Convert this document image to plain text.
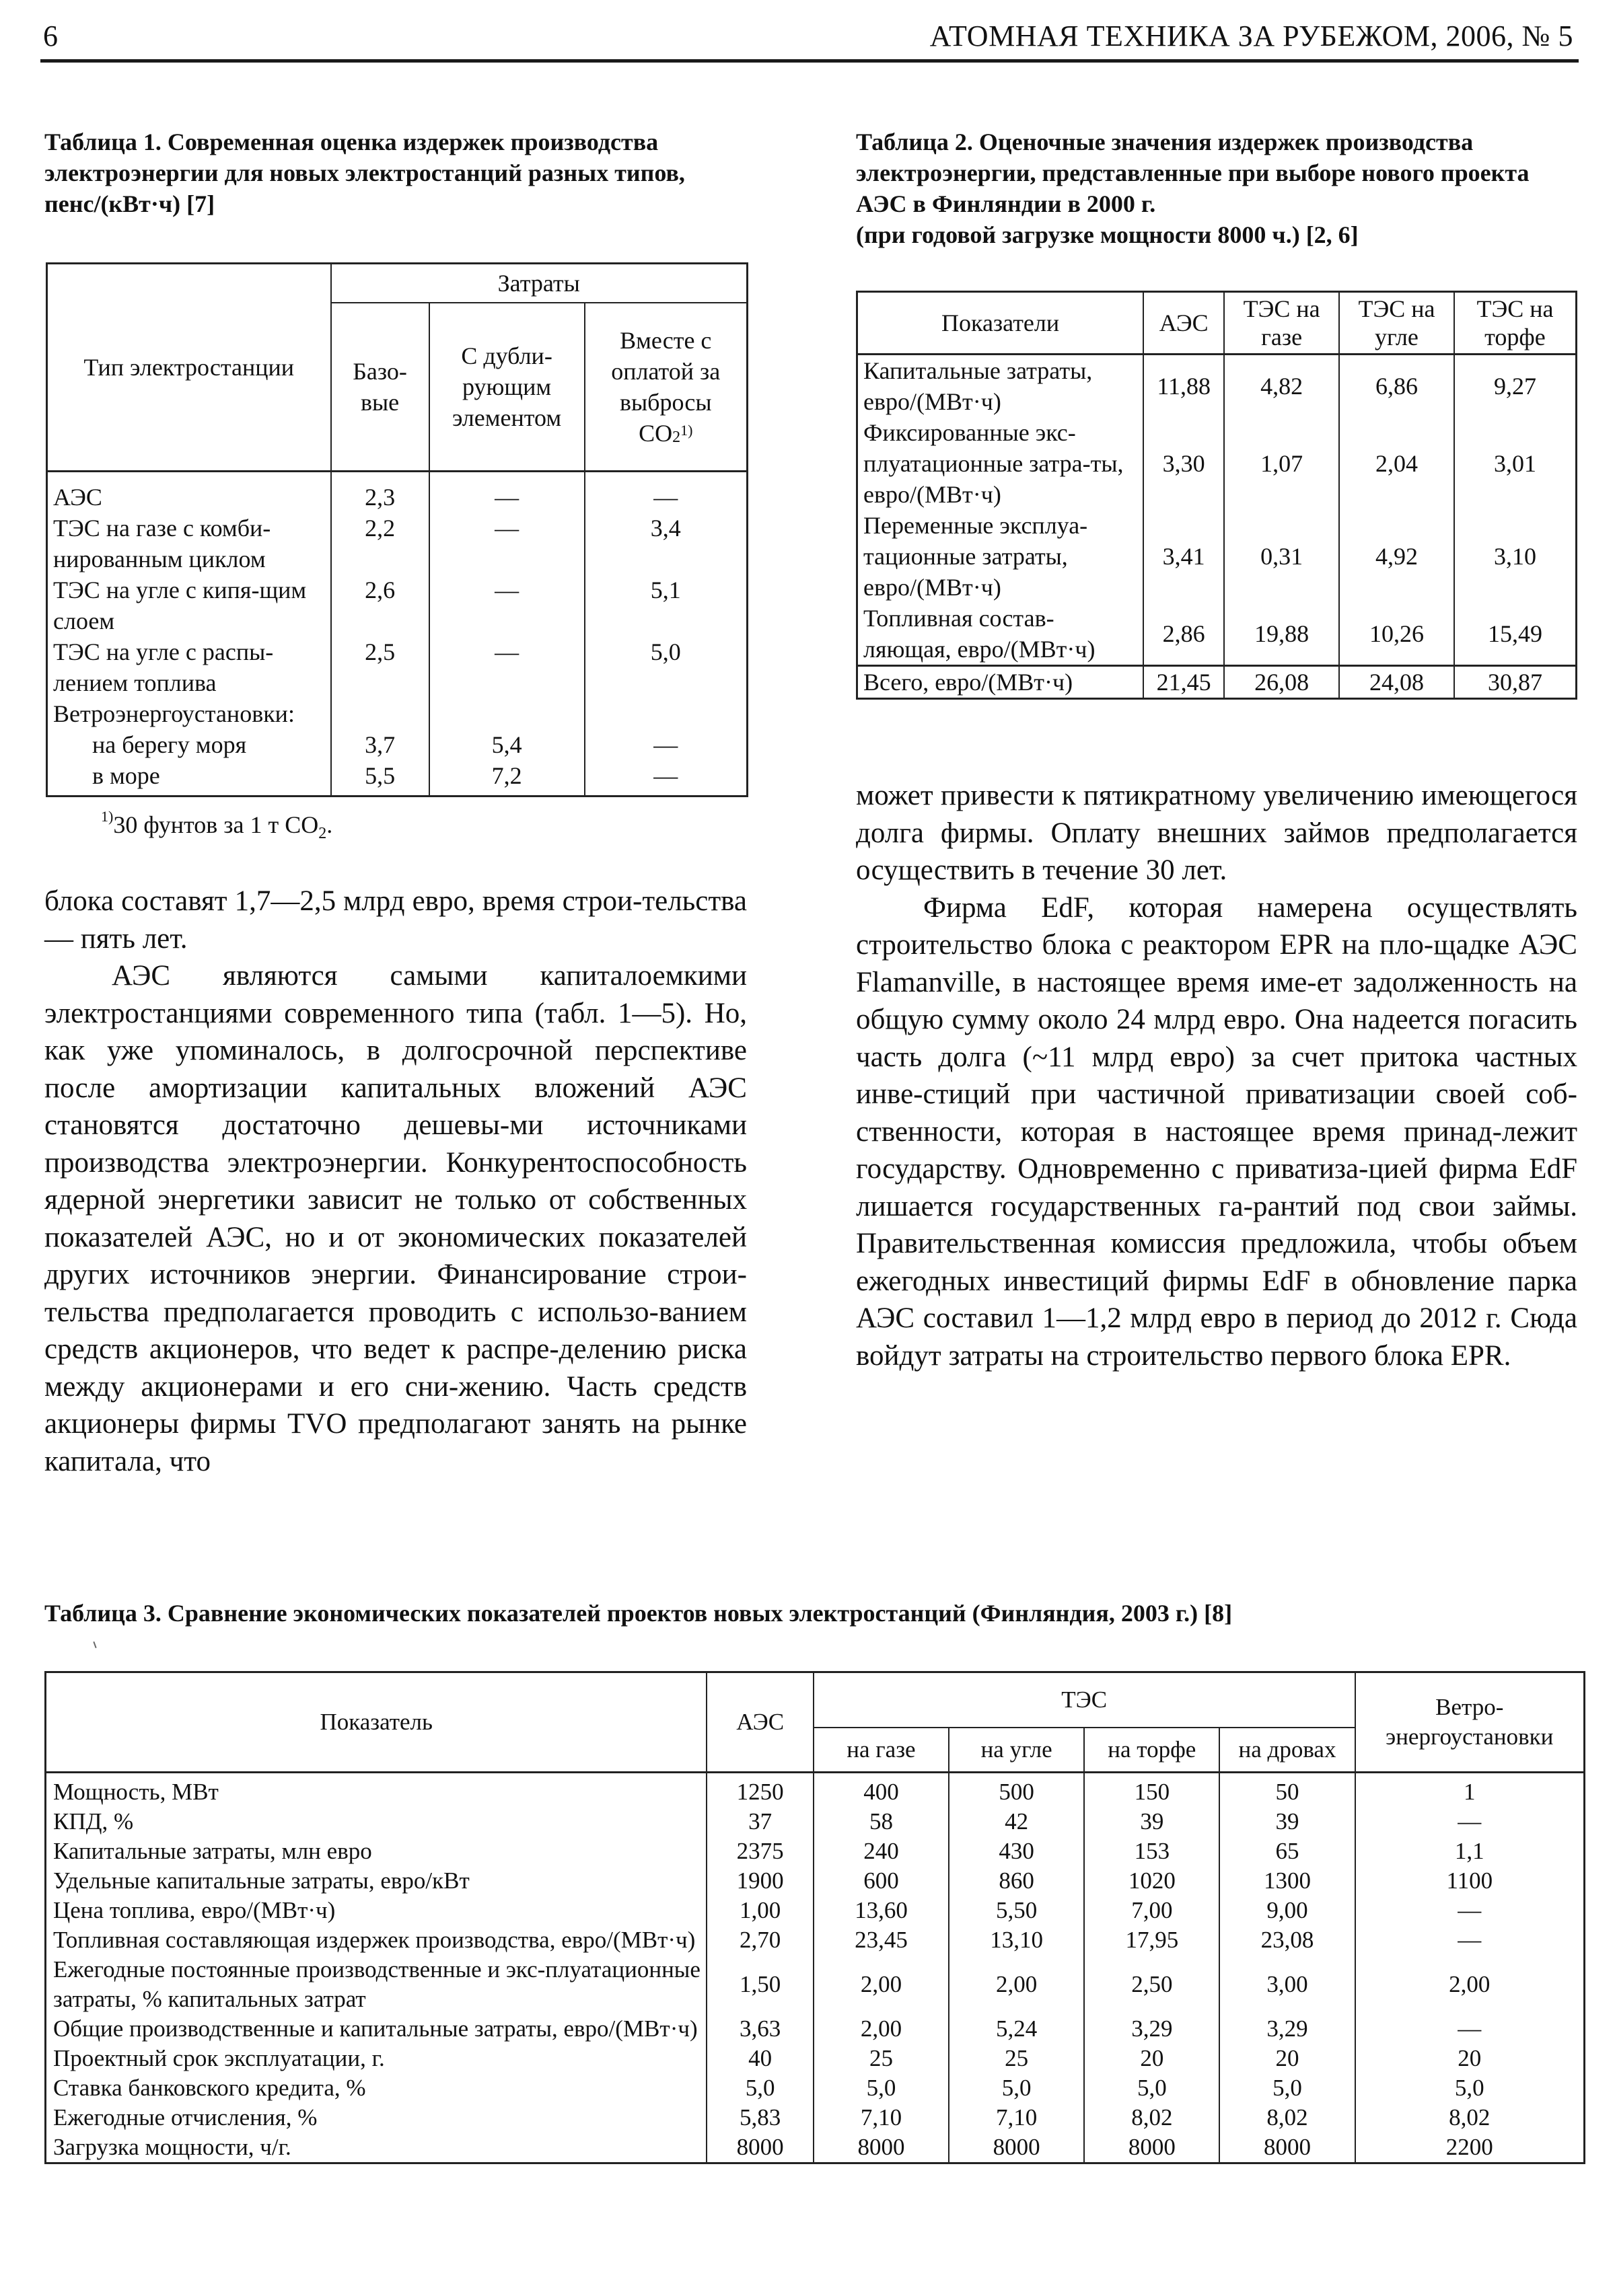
6	АТОМНАЯ ТЕХНИКА ЗА РУБЕЖОМ, 2006, № 5
Таблица 1. Современная оценка издержек производства электроэнергии для новых электростанций разных типов, пенс/(кВт·ч) [7]
Тип электростанции	Затраты		
	Базо-вые	С дубли-рующим элементом	Вместе с оплатой за выбросы $CO_2^{1)}$
АЭС	2,3	—	—
ТЭС на газе с комби-нированным циклом	2,2	—	3,4
ТЭС на угле с кипя-щим слоем	2,6	—	5,1
ТЭС на угле с распы-лением топлива	2,5	—	5,0
Ветроэнергоустановки:			
на берегу моря	3,7	5,4	—
в море	5,5	7,2	—
$^{1)}$30 фунтов за 1 т $CO_2$.
Таблица 2. Оценочные значения издержек производства электроэнергии, представленные при выборе нового проекта АЭС в Финляндии в 2000 г.
(при годовой загрузке мощности 8000 ч.) [2, 6]
Показатели	АЭС	ТЭС на газе	ТЭС на угле	ТЭС на торфе
Капитальные затраты, евро/(МВт·ч)	11,88	4,82	6,86	9,27
Фиксированные экс-плуатационные затра-ты, евро/(МВт·ч)	3,30	1,07	2,04	3,01
Переменные эксплуа-тационные затраты, евро/(МВт·ч)	3,41	0,31	4,92	3,10
Топливная состав-ляющая, евро/(МВт·ч)	2,86	19,88	10,26	15,49
Всего, евро/(МВт·ч)	21,45	26,08	24,08	30,87

блока составят 1,7—2,5 млрд евро, время строи-тельства — пять лет.

АЭС являются самыми капиталоемкими электростанциями современного типа (табл. 1—5). Но, как уже упоминалось, в долгосрочной перспективе после амортизации капитальных вложений АЭС становятся достаточно дешевы-ми источниками производства электроэнергии. Конкурентоспособность ядерной энергетики зависит не только от собственных показателей АЭС, но и от экономических показателей других источников энергии. Финансирование строи-тельства предполагается проводить с использо-ванием средств акционеров, что ведет к распре-делению риска между акционерами и его сни-жению. Часть средств акционеры фирмы TVO предполагают занять на рынке капитала, что

может привести к пятикратному увеличению имеющегося долга фирмы. Оплату внешних займов предполагается осуществить в течение 30 лет.

Фирма EdF, которая намерена осуществлять строительство блока с реактором EPR на пло-щадке АЭС Flamanville, в настоящее время име-ет задолженность на общую сумму около 24 млрд евро. Она надеется погасить часть долга (~11 млрд евро) за счет притока частных инве-стиций при частичной приватизации своей соб-ственности, которая в настоящее время принад-лежит государству. Одновременно с приватиза-цией фирма EdF лишается государственных га-рантий под свои займы. Правительственная комиссия предложила, чтобы объем ежегодных инвестиций фирмы EdF в обновление парка АЭС составил 1—1,2 млрд евро в период до 2012 г. Сюда войдут затраты на строительство первого блока EPR.

Таблица 3. Сравнение экономических показателей проектов новых электростанций (Финляндия, 2003 г.) [8]
Показатель	АЭС	ТЭС				Ветро-энергоустановки
		на газе	на угле	на торфе	на дровах	
Мощность, МВт	1250	400	500	150	50	1
КПД, %	37	58	42	39	39	—
Капитальные затраты, млн евро	2375	240	430	153	65	1,1
Удельные капитальные затраты, евро/кВт	1900	600	860	1020	1300	1100
Цена топлива, евро/(МВт·ч)	1,00	13,60	5,50	7,00	9,00	—
Топливная составляющая издержек производства, евро/(МВт·ч)	2,70	23,45	13,10	17,95	23,08	—
Ежегодные постоянные производственные и экс-плуатационные затраты, % капитальных затрат	1,50	2,00	2,00	2,50	3,00	2,00
Общие производственные и капитальные затраты, евро/(МВт·ч)	3,63	2,00	5,24	3,29	3,29	—
Проектный срок эксплуатации, г.	40	25	25	20	20	20
Ставка банковского кредита, %	5,0	5,0	5,0	5,0	5,0	5,0
Ежегодные отчисления, %	5,83	7,10	7,10	8,02	8,02	8,02
Загрузка мощности, ч/г.	8000	8000	8000	8000	8000	2200
